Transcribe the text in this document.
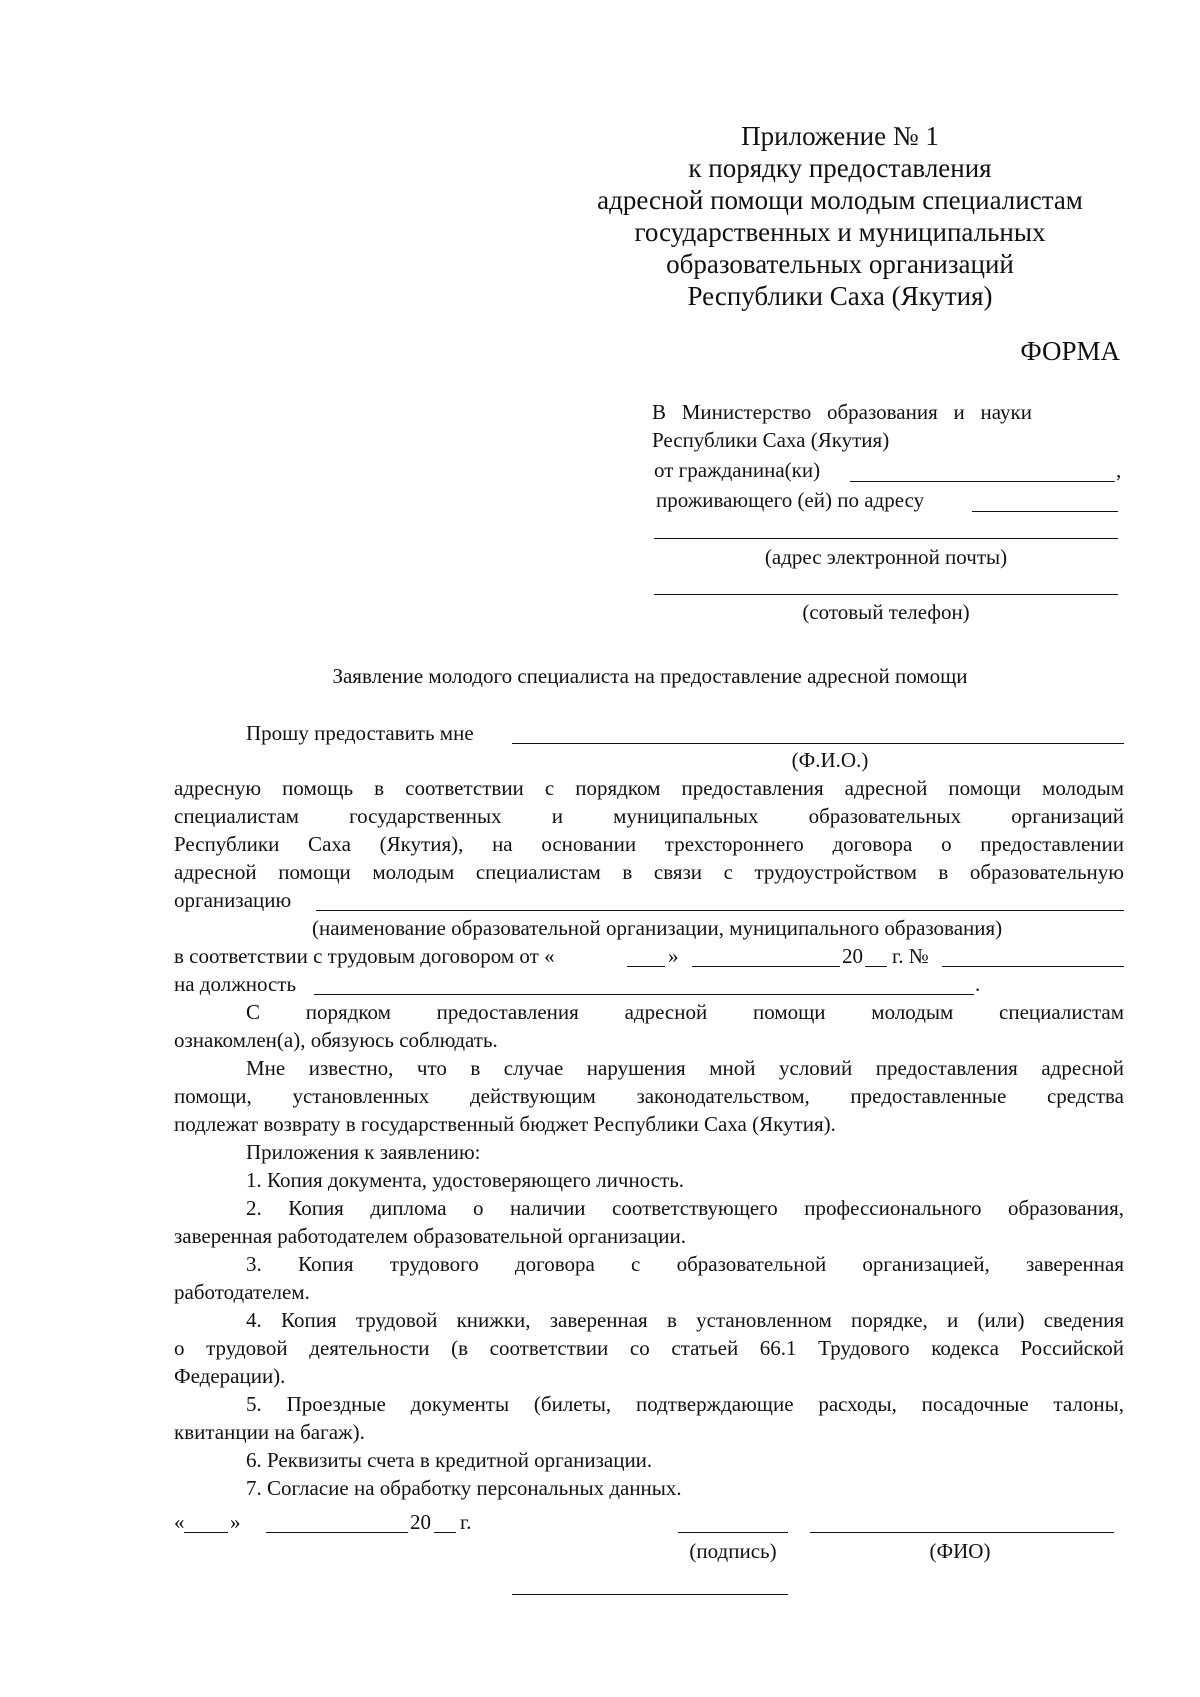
Приложение № 1
к порядку предоставления
адресной помощи молодым специалистам
государственных и муниципальных
образовательных организаций
Республики Саха (Якутия)
ФОРМА
В   Министерство   образования   и   науки
Республики Саха (Якутия)
от гражданина(ки)	,
проживающего (ей) по адресу
(адрес электронной почты)
(сотовый телефон)
Заявление молодого специалиста на предоставление адресной помощи
Прошу предоставить мне
(Ф.И.О.)
адресную помощь в соответствии с порядком предоставления адресной помощи молодым
специалистам государственных и муниципальных образовательных организаций
Республики Саха (Якутия), на основании трехстороннего договора о предоставлении
адресной помощи молодым специалистам в связи с трудоустройством в образовательную
организацию
(наименование образовательной организации, муниципального образования)
в соответствии с трудовым договором от «	»	20 г. №
на должность	.
С порядком предоставления адресной помощи молодым специалистам
ознакомлен(а), обязуюсь соблюдать.
Мне известно, что в случае нарушения мной условий предоставления адресной
помощи, установленных действующим законодательством, предоставленные средства
подлежат возврату в государственный бюджет Республики Саха (Якутия).
Приложения к заявлению:
1. Копия документа, удостоверяющего личность.
2. Копия диплома о наличии соответствующего профессионального образования,
заверенная работодателем образовательной организации.
3. Копия трудового договора с образовательной организацией, заверенная
работодателем.
4. Копия трудовой книжки, заверенная в установленном порядке, и (или) сведения
о трудовой деятельности (в соответствии со статьей 66.1 Трудового кодекса Российской
Федерации).
5. Проездные документы (билеты, подтверждающие расходы, посадочные талоны,
квитанции на багаж).
6. Реквизиты счета в кредитной организации.
7. Согласие на обработку персональных данных.
« »	20 г.
(подпись)	(ФИО)
